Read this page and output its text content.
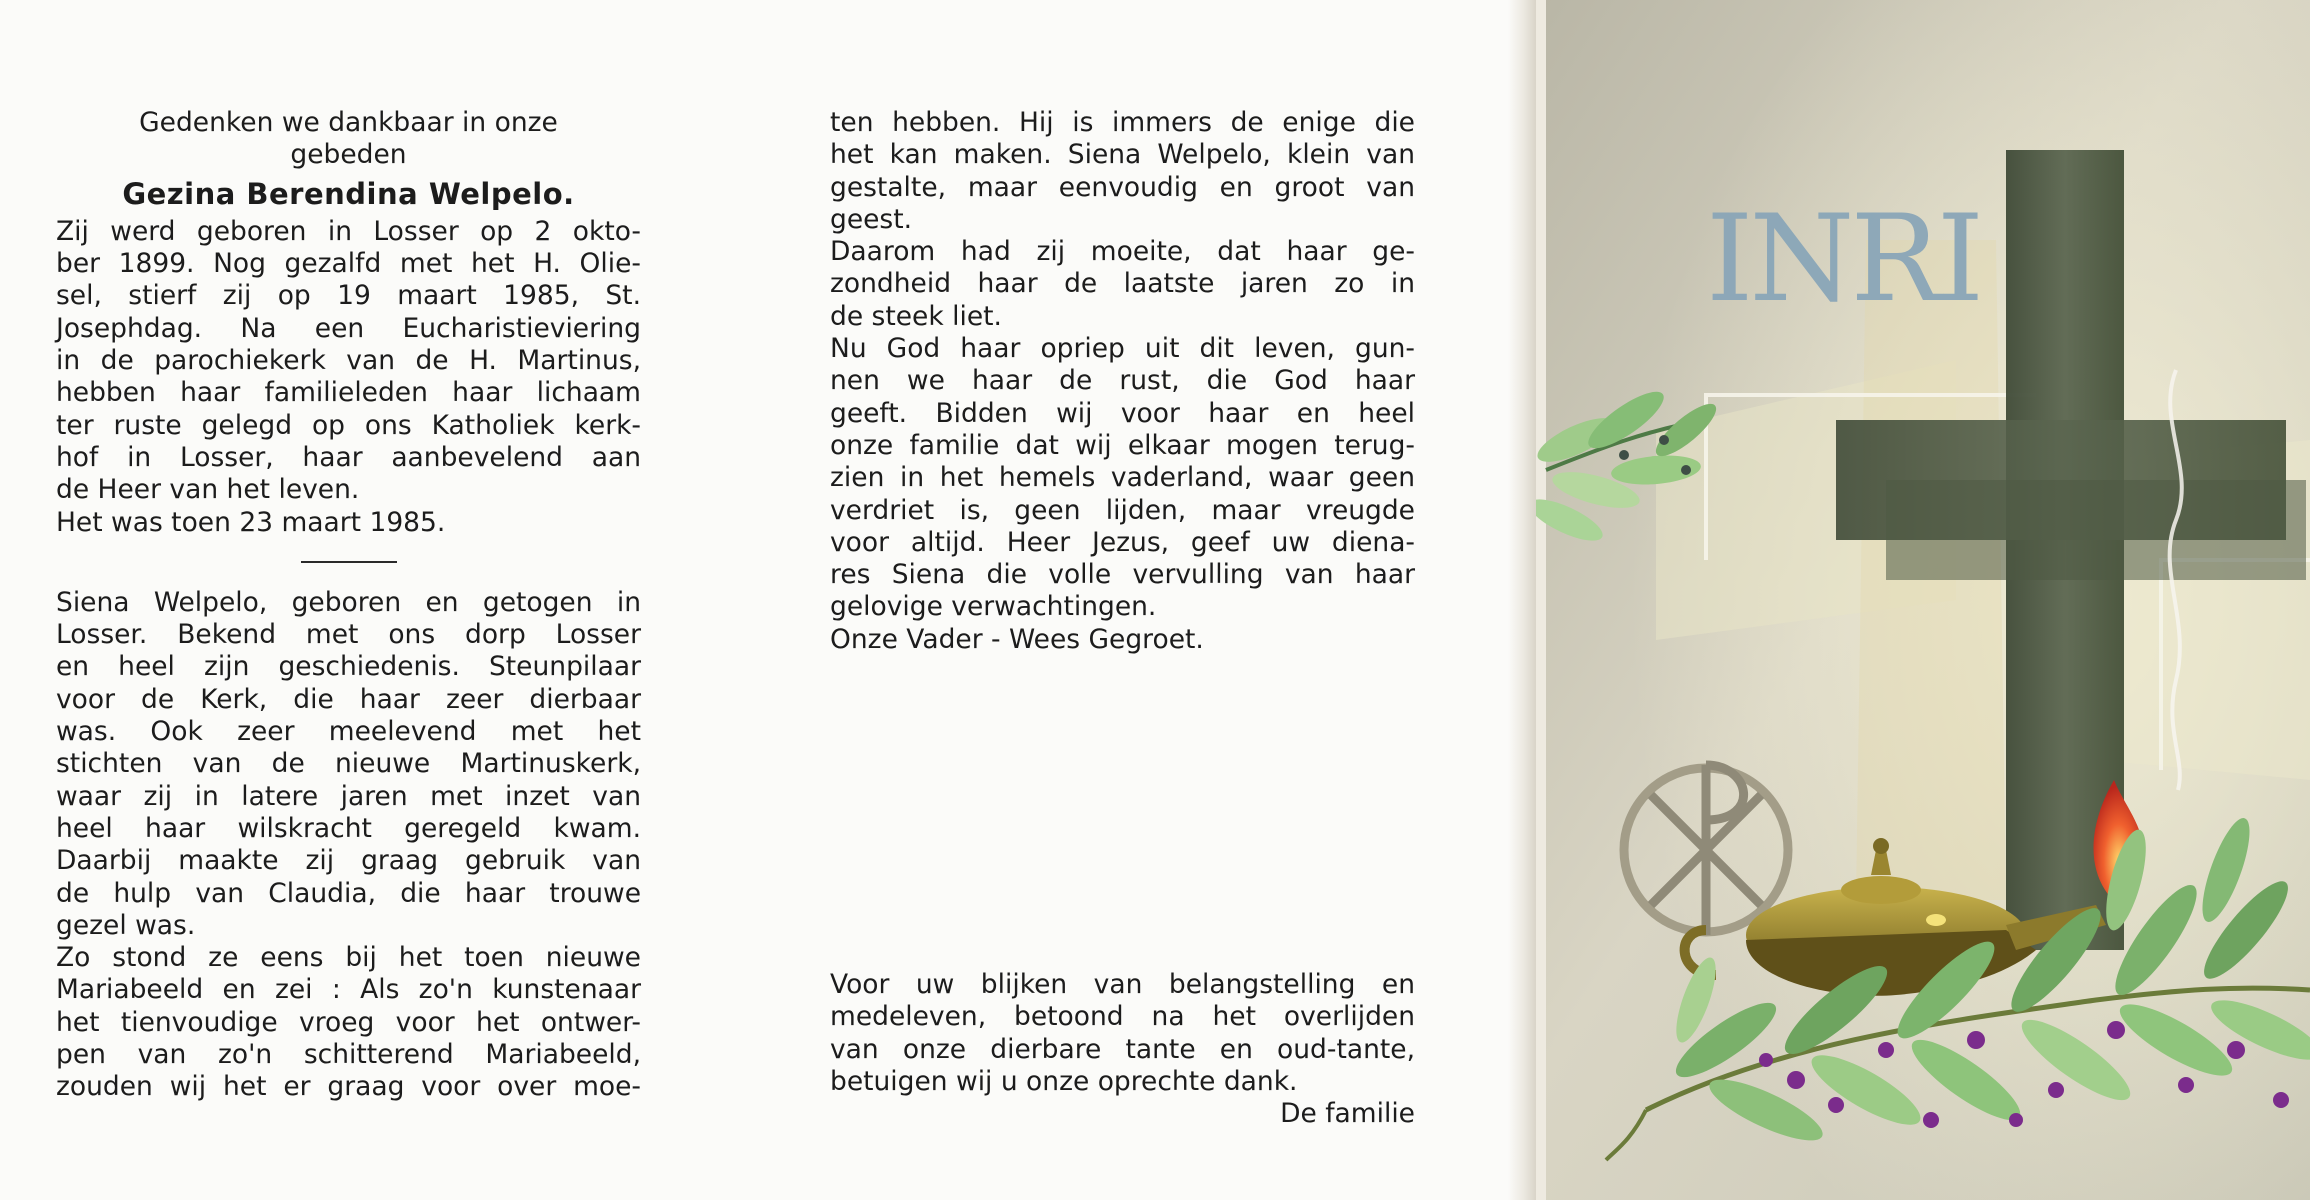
Gedenken we dankbaar in onze
gebeden
Gezina Berendina Welpelo.
Zij werd geboren in Losser op 2 okto-
ber 1899. Nog gezalfd met het H. Olie-
sel, stierf zij op 19 maart 1985, St.
Josephdag. Na een Eucharistieviering
in de parochiekerk van de H. Martinus,
hebben haar familieleden haar lichaam
ter ruste gelegd op ons Katholiek kerk-
hof in Losser, haar aanbevelend aan
de Heer van het leven.
Het was toen 23 maart 1985.
Siena Welpelo, geboren en getogen in
Losser. Bekend met ons dorp Losser
en heel zijn geschiedenis. Steunpilaar
voor de Kerk, die haar zeer dierbaar
was. Ook zeer meelevend met het
stichten van de nieuwe Martinuskerk,
waar zij in latere jaren met inzet van
heel haar wilskracht geregeld kwam.
Daarbij maakte zij graag gebruik van
de hulp van Claudia, die haar trouwe
gezel was.
Zo stond ze eens bij het toen nieuwe
Mariabeeld en zei : Als zo'n kunstenaar
het tienvoudige vroeg voor het ontwer-
pen van zo'n schitterend Mariabeeld,
zouden wij het er graag voor over moe-
ten hebben. Hij is immers de enige die
het kan maken. Siena Welpelo, klein van
gestalte, maar eenvoudig en groot van
geest.
Daarom had zij moeite, dat haar ge-
zondheid haar de laatste jaren zo in
de steek liet.
Nu God haar opriep uit dit leven, gun-
nen we haar de rust, die God haar
geeft. Bidden wij voor haar en heel
onze familie dat wij elkaar mogen terug-
zien in het hemels vaderland, waar geen
verdriet is, geen lijden, maar vreugde
voor altijd. Heer Jezus, geef uw diena-
res Siena die volle vervulling van haar
gelovige verwachtingen.
Onze Vader - Wees Gegroet.
Voor uw blijken van belangstelling en
medeleven, betoond na het overlijden
van onze dierbare tante en oud-tante,
betuigen wij u onze oprechte dank.
De familie
INRI
